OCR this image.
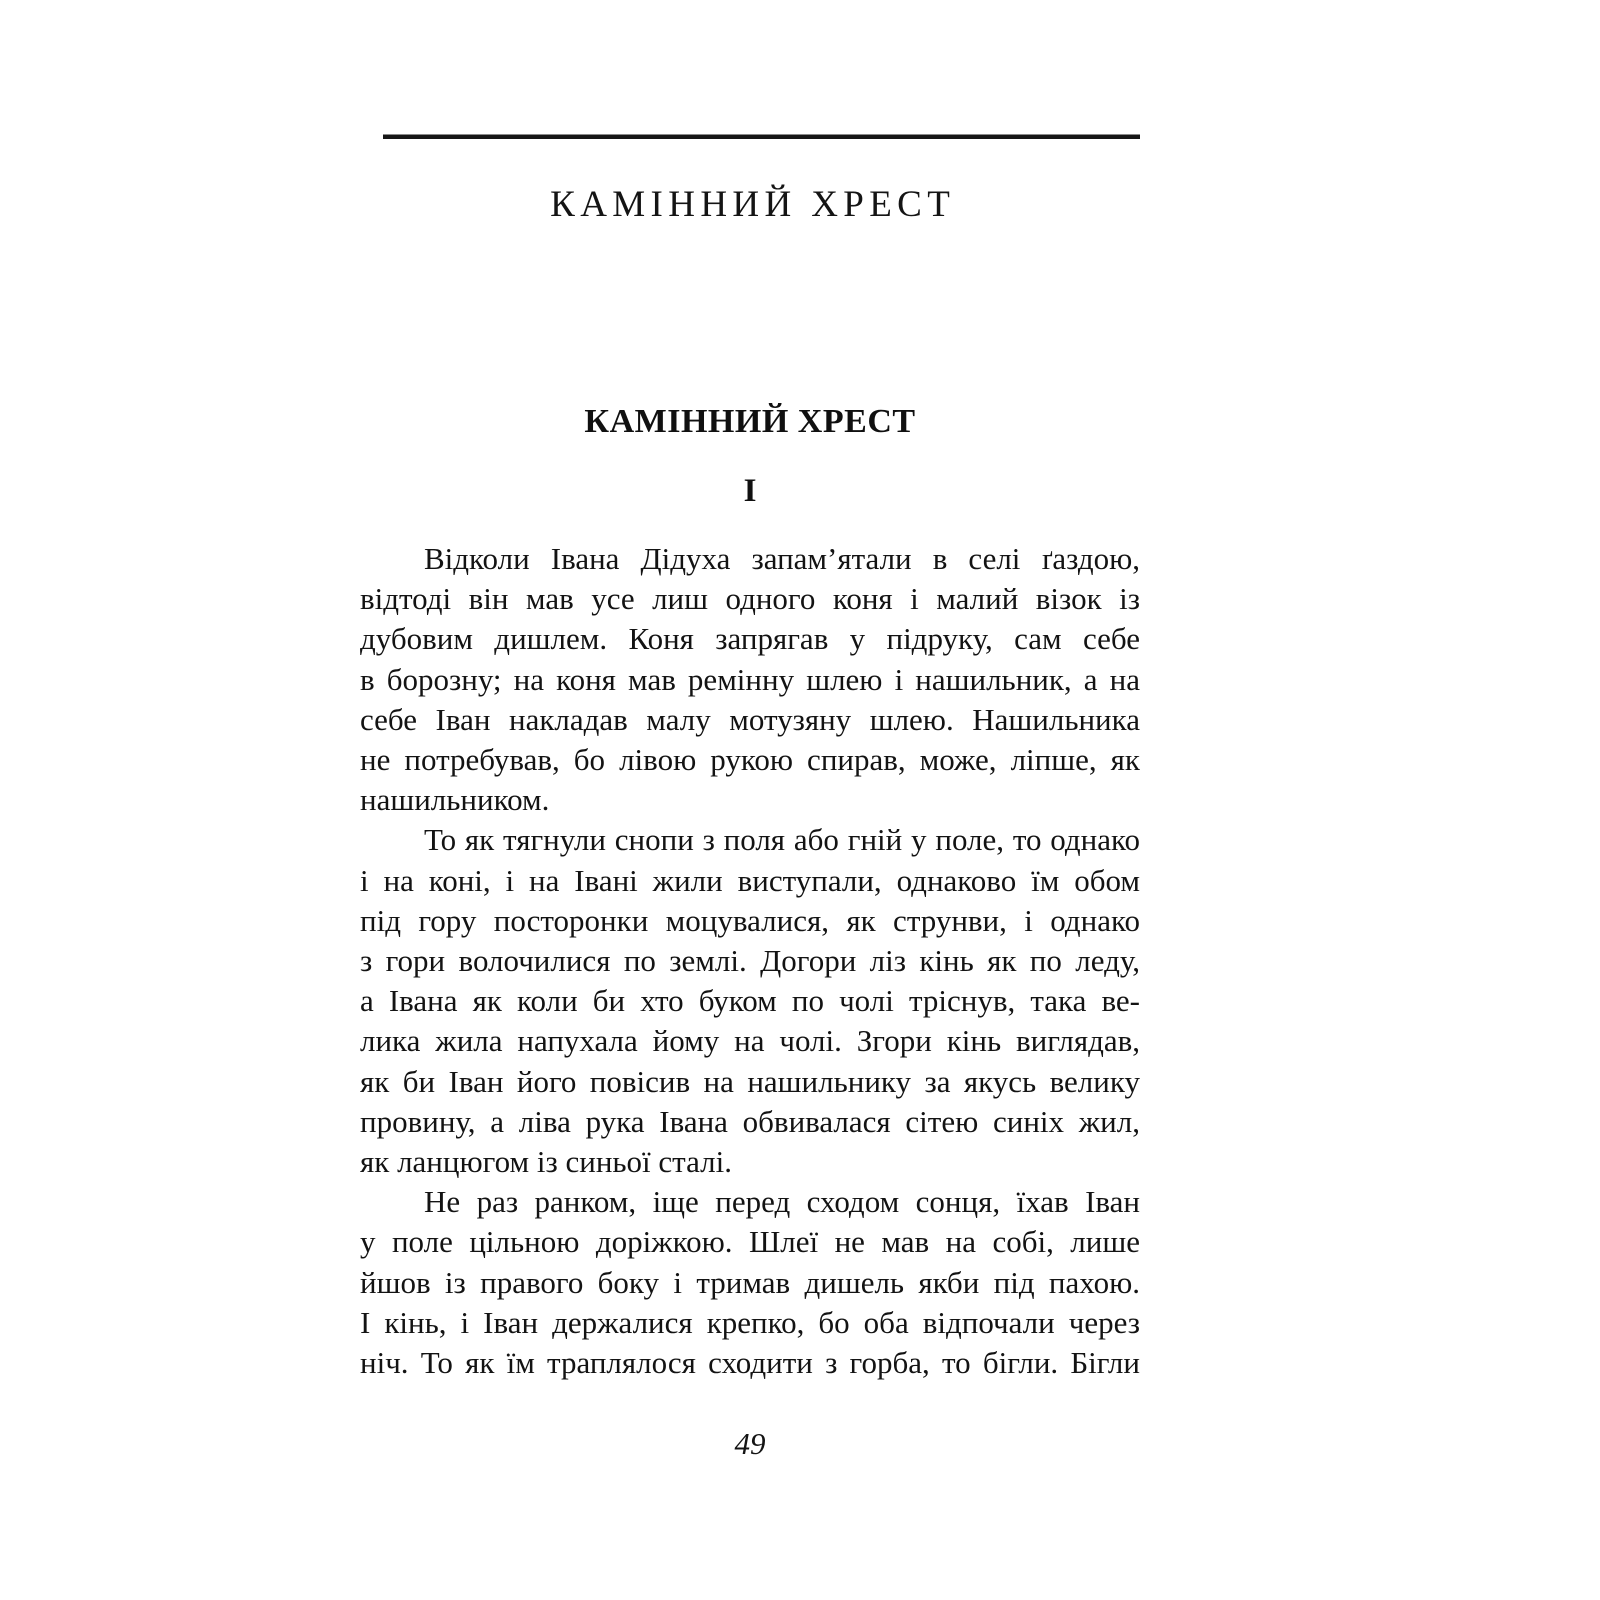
КАМІННИЙ ХРЕСТ
КАМІННИЙ ХРЕСТ
I
Відколи Івана Дідуха запам’ятали в селі ґаздою,
відтоді він мав усе лиш одного коня і малий візок із
дубовим дишлем. Коня запрягав у підруку, сам себе
в борозну; на коня мав ремінну шлею і нашильник, а на
себе Іван накладав малу мотузяну шлею. Нашильника
не потребував, бо лівою рукою спирав, може, ліпше, як
нашильником.
То як тягнули снопи з поля або гній у поле, то однако
і на коні, і на Івані жили виступали, однаково їм обом
під гору посторонки моцувалися, як струнви, і однако
з гори волочилися по землі. Догори ліз кінь як по леду,
а Івана як коли би хто буком по чолі тріснув, така ве-
лика жила напухала йому на чолі. Згори кінь виглядав,
як би Іван його повісив на нашильнику за якусь велику
провину, а ліва рука Івана обвивалася сітею синіх жил,
як ланцюгом із синьої сталі.
Не раз ранком, іще перед сходом сонця, їхав Іван
у поле цільною доріжкою. Шлеї не мав на собі, лише
йшов із правого боку і тримав дишель якби під пахою.
І кінь, і Іван держалися крепко, бо оба відпочали через
ніч. То як їм траплялося сходити з горба, то бігли. Бігли
49
